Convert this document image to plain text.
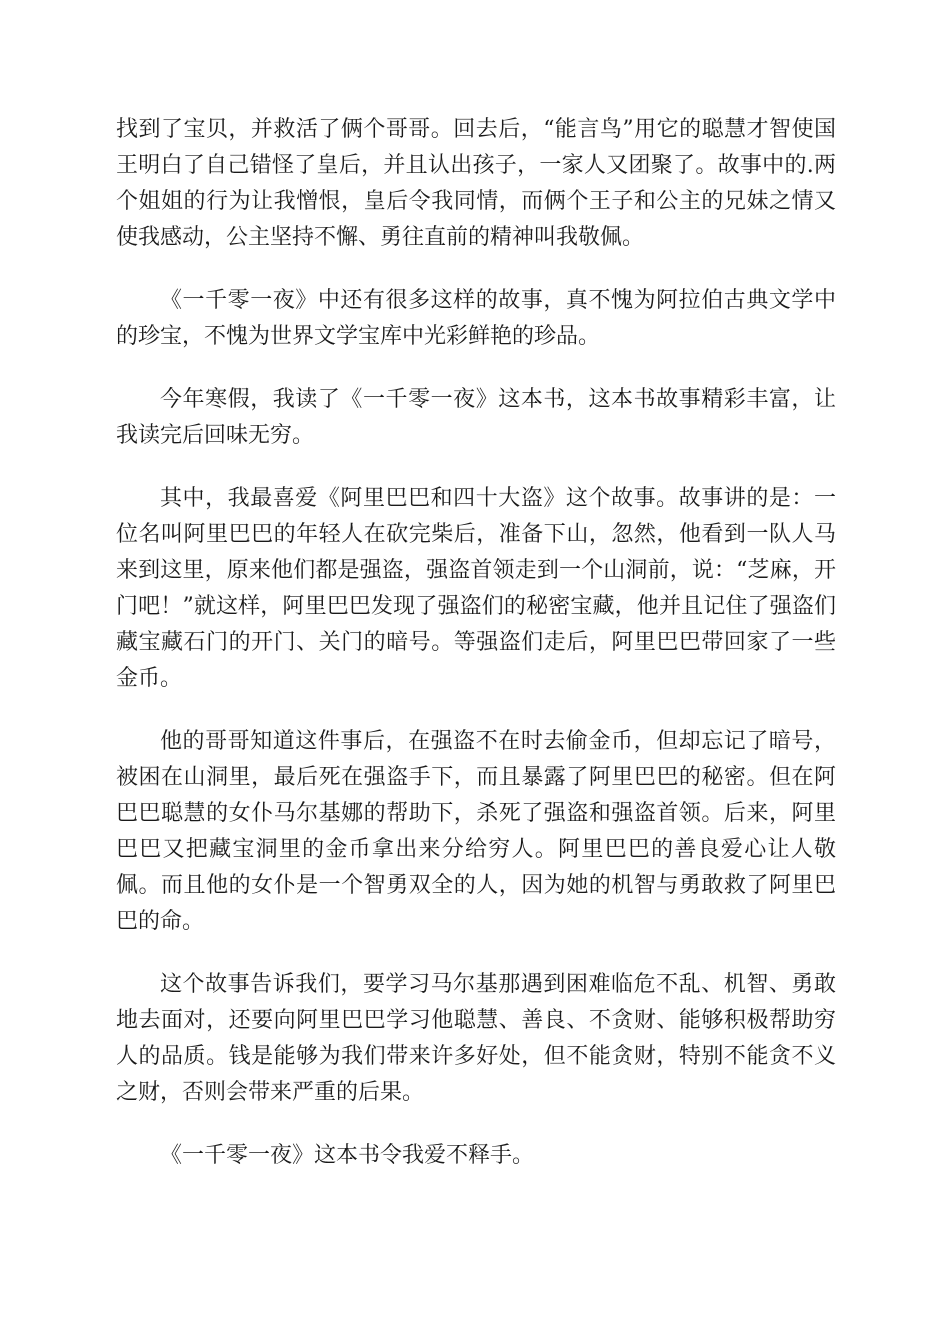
找到了宝贝，并救活了俩个哥哥。回去后，“能言鸟”用它的聪慧才智使国王明白了自己错怪了皇后，并且认出孩子，一家人又团聚了。故事中的.两个姐姐的行为让我憎恨，皇后令我同情，而俩个王子和公主的兄妹之情又使我感动，公主坚持不懈、勇往直前的精神叫我敬佩。

《一千零一夜》中还有很多这样的故事，真不愧为阿拉伯古典文学中的珍宝，不愧为世界文学宝库中光彩鲜艳的珍品。

今年寒假，我读了《一千零一夜》这本书，这本书故事精彩丰富，让我读完后回味无穷。

其中，我最喜爱《阿里巴巴和四十大盗》这个故事。故事讲的是：一位名叫阿里巴巴的年轻人在砍完柴后，准备下山，忽然，他看到一队人马来到这里，原来他们都是强盗，强盗首领走到一个山洞前，说：“芝麻，开门吧！”就这样，阿里巴巴发现了强盗们的秘密宝藏，他并且记住了强盗们藏宝藏石门的开门、关门的暗号。等强盗们走后，阿里巴巴带回家了一些金币。

他的哥哥知道这件事后，在强盗不在时去偷金币，但却忘记了暗号，被困在山洞里，最后死在强盗手下，而且暴露了阿里巴巴的秘密。但在阿巴巴聪慧的女仆马尔基娜的帮助下，杀死了强盗和强盗首领。后来，阿里巴巴又把藏宝洞里的金币拿出来分给穷人。阿里巴巴的善良爱心让人敬佩。而且他的女仆是一个智勇双全的人，因为她的机智与勇敢救了阿里巴巴的命。

这个故事告诉我们，要学习马尔基那遇到困难临危不乱、机智、勇敢地去面对，还要向阿里巴巴学习他聪慧、善良、不贪财、能够积极帮助穷人的品质。钱是能够为我们带来许多好处，但不能贪财，特别不能贪不义之财，否则会带来严重的后果。

《一千零一夜》这本书令我爱不释手。
